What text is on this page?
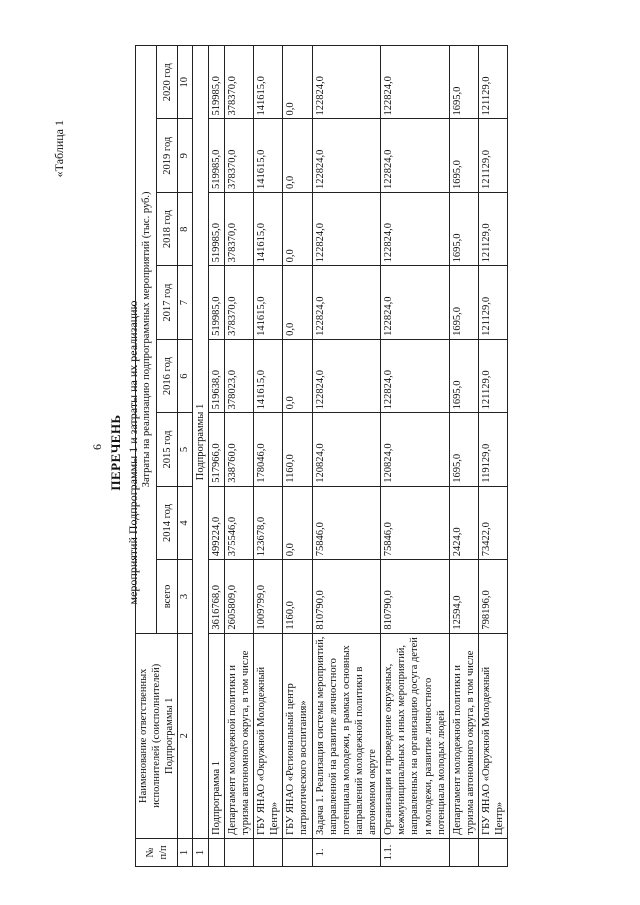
6
«Таблица 1
ПЕРЕЧЕНЬ мероприятий Подпрограммы 1 и затраты на их реализацию
№ п/п	Наименование ответственных исполнителей (соисполнителей) Подпрограммы 1	Затраты на реализацию подпрограммных мероприятий (тыс. руб.)							
		всего	2014 год	2015 год	2016 год	2017 год	2018 год	2019 год	2020 год
1	2	3	4	5	6	7	8	9	10
1	Подпрограммы 1								
	Подпрограмма 1	3616768,0	499224,0	517966,0	519638,0	519985,0	519985,0	519985,0	519985,0
	Департамент молодежной политики и туризма автономного округа, в том числе	2605809,0	375546,0	338760,0	378023,0	378370,0	378370,0	378370,0	378370,0
	ГБУ ЯНАО «Окружной Молодежный Центр»	1009799,0	123678,0	178046,0	141615,0	141615,0	141615,0	141615,0	141615,0
	ГБУ ЯНАО «Региональный центр патриотического воспитания»	1160,0	0,0	1160,0	0,0	0,0	0,0	0,0	0,0
1.	Задача 1. Реализация системы мероприятий, направленной на развитие личностного потенциала молодежи, в рамках основных направлений молодежной политики в автономном округе	810790,0	75846,0	120824,0	122824,0	122824,0	122824,0	122824,0	122824,0
1.1.	Организация и проведение окружных, межмуниципальных и иных мероприятий, направленных на организацию досуга детей и молодежи, развитие личностного потенциала молодых людей	810790,0	75846,0	120824,0	122824,0	122824,0	122824,0	122824,0	122824,0
	Департамент молодежной политики и туризма автономного округа, в том числе	12594,0	2424,0	1695,0	1695,0	1695,0	1695,0	1695,0	1695,0
	ГБУ ЯНАО «Окружной Молодежный Центр»	798196,0	73422,0	119129,0	121129,0	121129,0	121129,0	121129,0	121129,0
